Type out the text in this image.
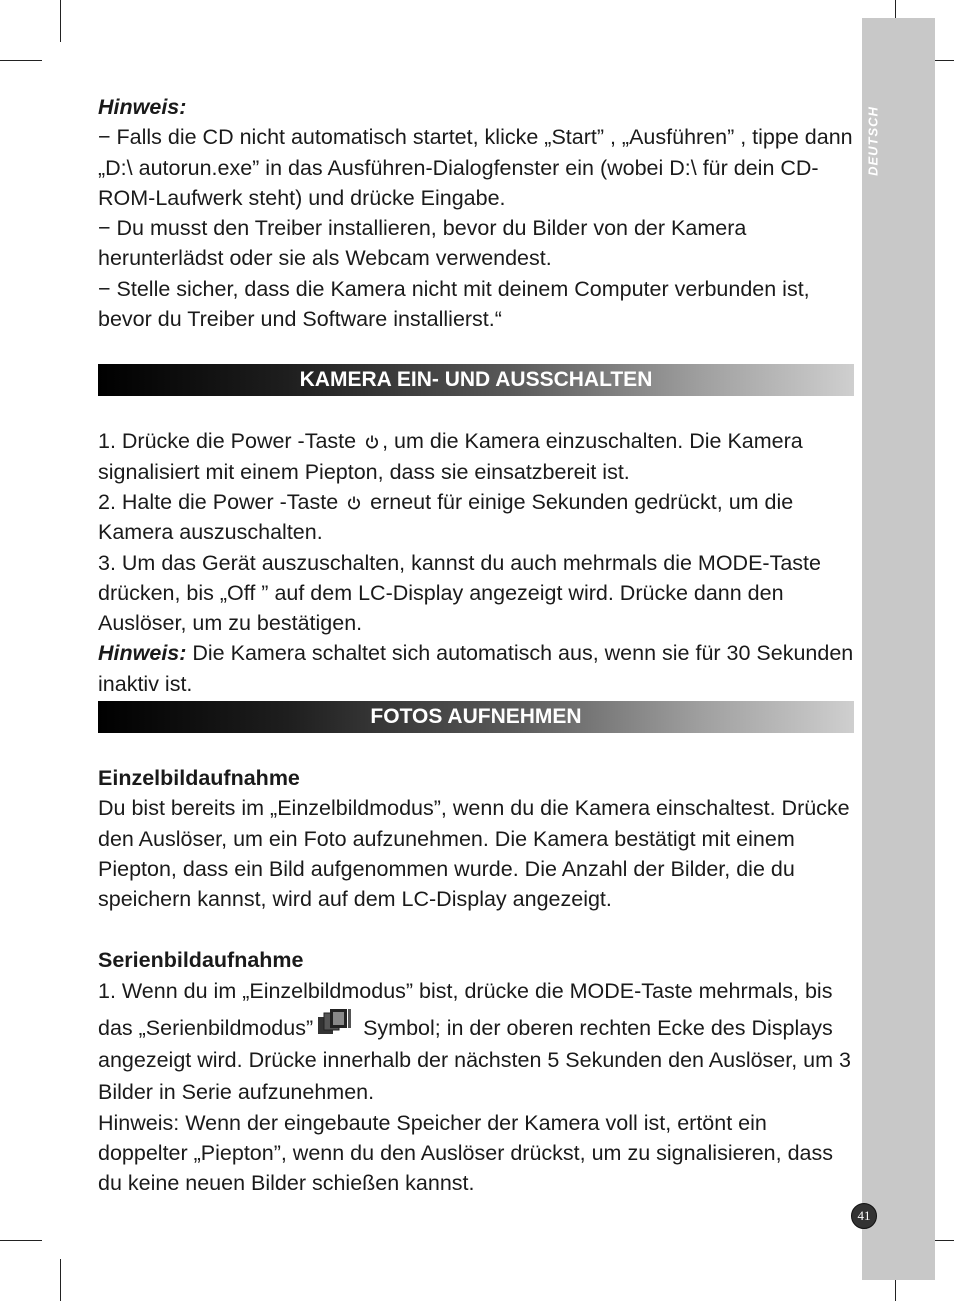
DEUTSCH

Hinweis:

− Falls die CD nicht automatisch startet, klicke „Start” , „Ausführen” , tippe dann „D:\ autorun.exe” in das Ausführen-Dialogfenster ein (wobei D:\ für dein CD-ROM-Laufwerk steht) und drücke Eingabe.

− Du musst den Treiber installieren, bevor du Bilder von der Kamera herunterlädst oder sie als Webcam verwendest.

− Stelle sicher, dass die Kamera nicht mit deinem Computer verbunden ist, bevor du Treiber und Software installierst.“

KAMERA EIN- UND AUSSCHALTEN

1. Drücke die Power -Taste , um die Kamera einzuschalten. Die Kamera signalisiert mit einem Piepton, dass sie einsatzbereit ist.

2. Halte die Power -Taste  erneut für einige Sekunden gedrückt, um die Kamera auszuschalten.

3. Um das Gerät auszuschalten, kannst du auch mehrmals die MODE-Taste drücken, bis „Off ” auf dem LC-Display angezeigt wird. Drücke dann den Auslöser, um zu bestätigen.

Hinweis: Die Kamera schaltet sich automatisch aus, wenn sie für 30 Sekunden inaktiv ist.

FOTOS AUFNEHMEN

Einzelbildaufnahme

Du bist bereits im „Einzelbildmodus”, wenn du die Kamera einschaltest. Drücke den Auslöser, um ein Foto aufzunehmen. Die Kamera bestätigt mit einem Piepton, dass ein Bild aufgenommen wurde. Die Anzahl der Bilder, die du speichern kannst, wird auf dem LC-Display angezeigt.

Serienbildaufnahme

1. Wenn du im „Einzelbildmodus” bist, drücke die MODE-Taste mehrmals, bis das „Serienbildmodus” Symbol; in der oberen rechten Ecke des Displays angezeigt wird. Drücke innerhalb der nächsten 5 Sekunden den Auslöser, um 3 Bilder in Serie aufzunehmen.

Hinweis: Wenn der eingebaute Speicher der Kamera voll ist, ertönt ein doppelter „Piepton”, wenn du den Auslöser drückst, um zu signalisieren, dass du keine neuen Bilder schießen kannst.

41
